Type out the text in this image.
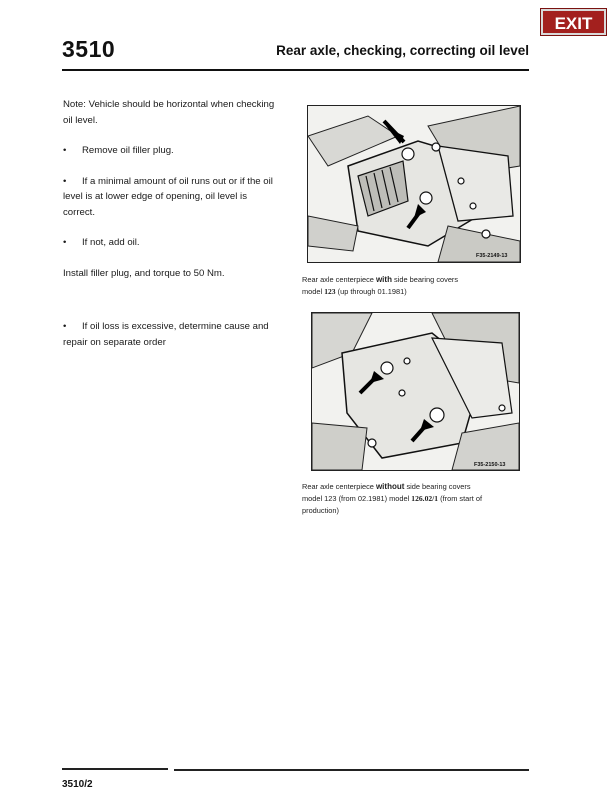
EXIT
3510	Rear axle, checking, correcting oil level

Note: Vehicle should be horizontal when checking oil level.

• Remove oil filler plug.

• If a minimal amount of oil runs out or if the oil level is at lower edge of opening, oil level is correct.

• If not, add oil.

Install filler plug, and torque to 50 Nm.

• If oil loss is excessive, determine cause and repair on separate order

F35-2149-13
Rear axle centerpiece with side bearing covers
model 123 (up through 01.1981)
F35-2150-13
Rear axle centerpiece without side bearing covers
model 123 (from 02.1981) model 126.02/1 (from start of
production)
3510/2
